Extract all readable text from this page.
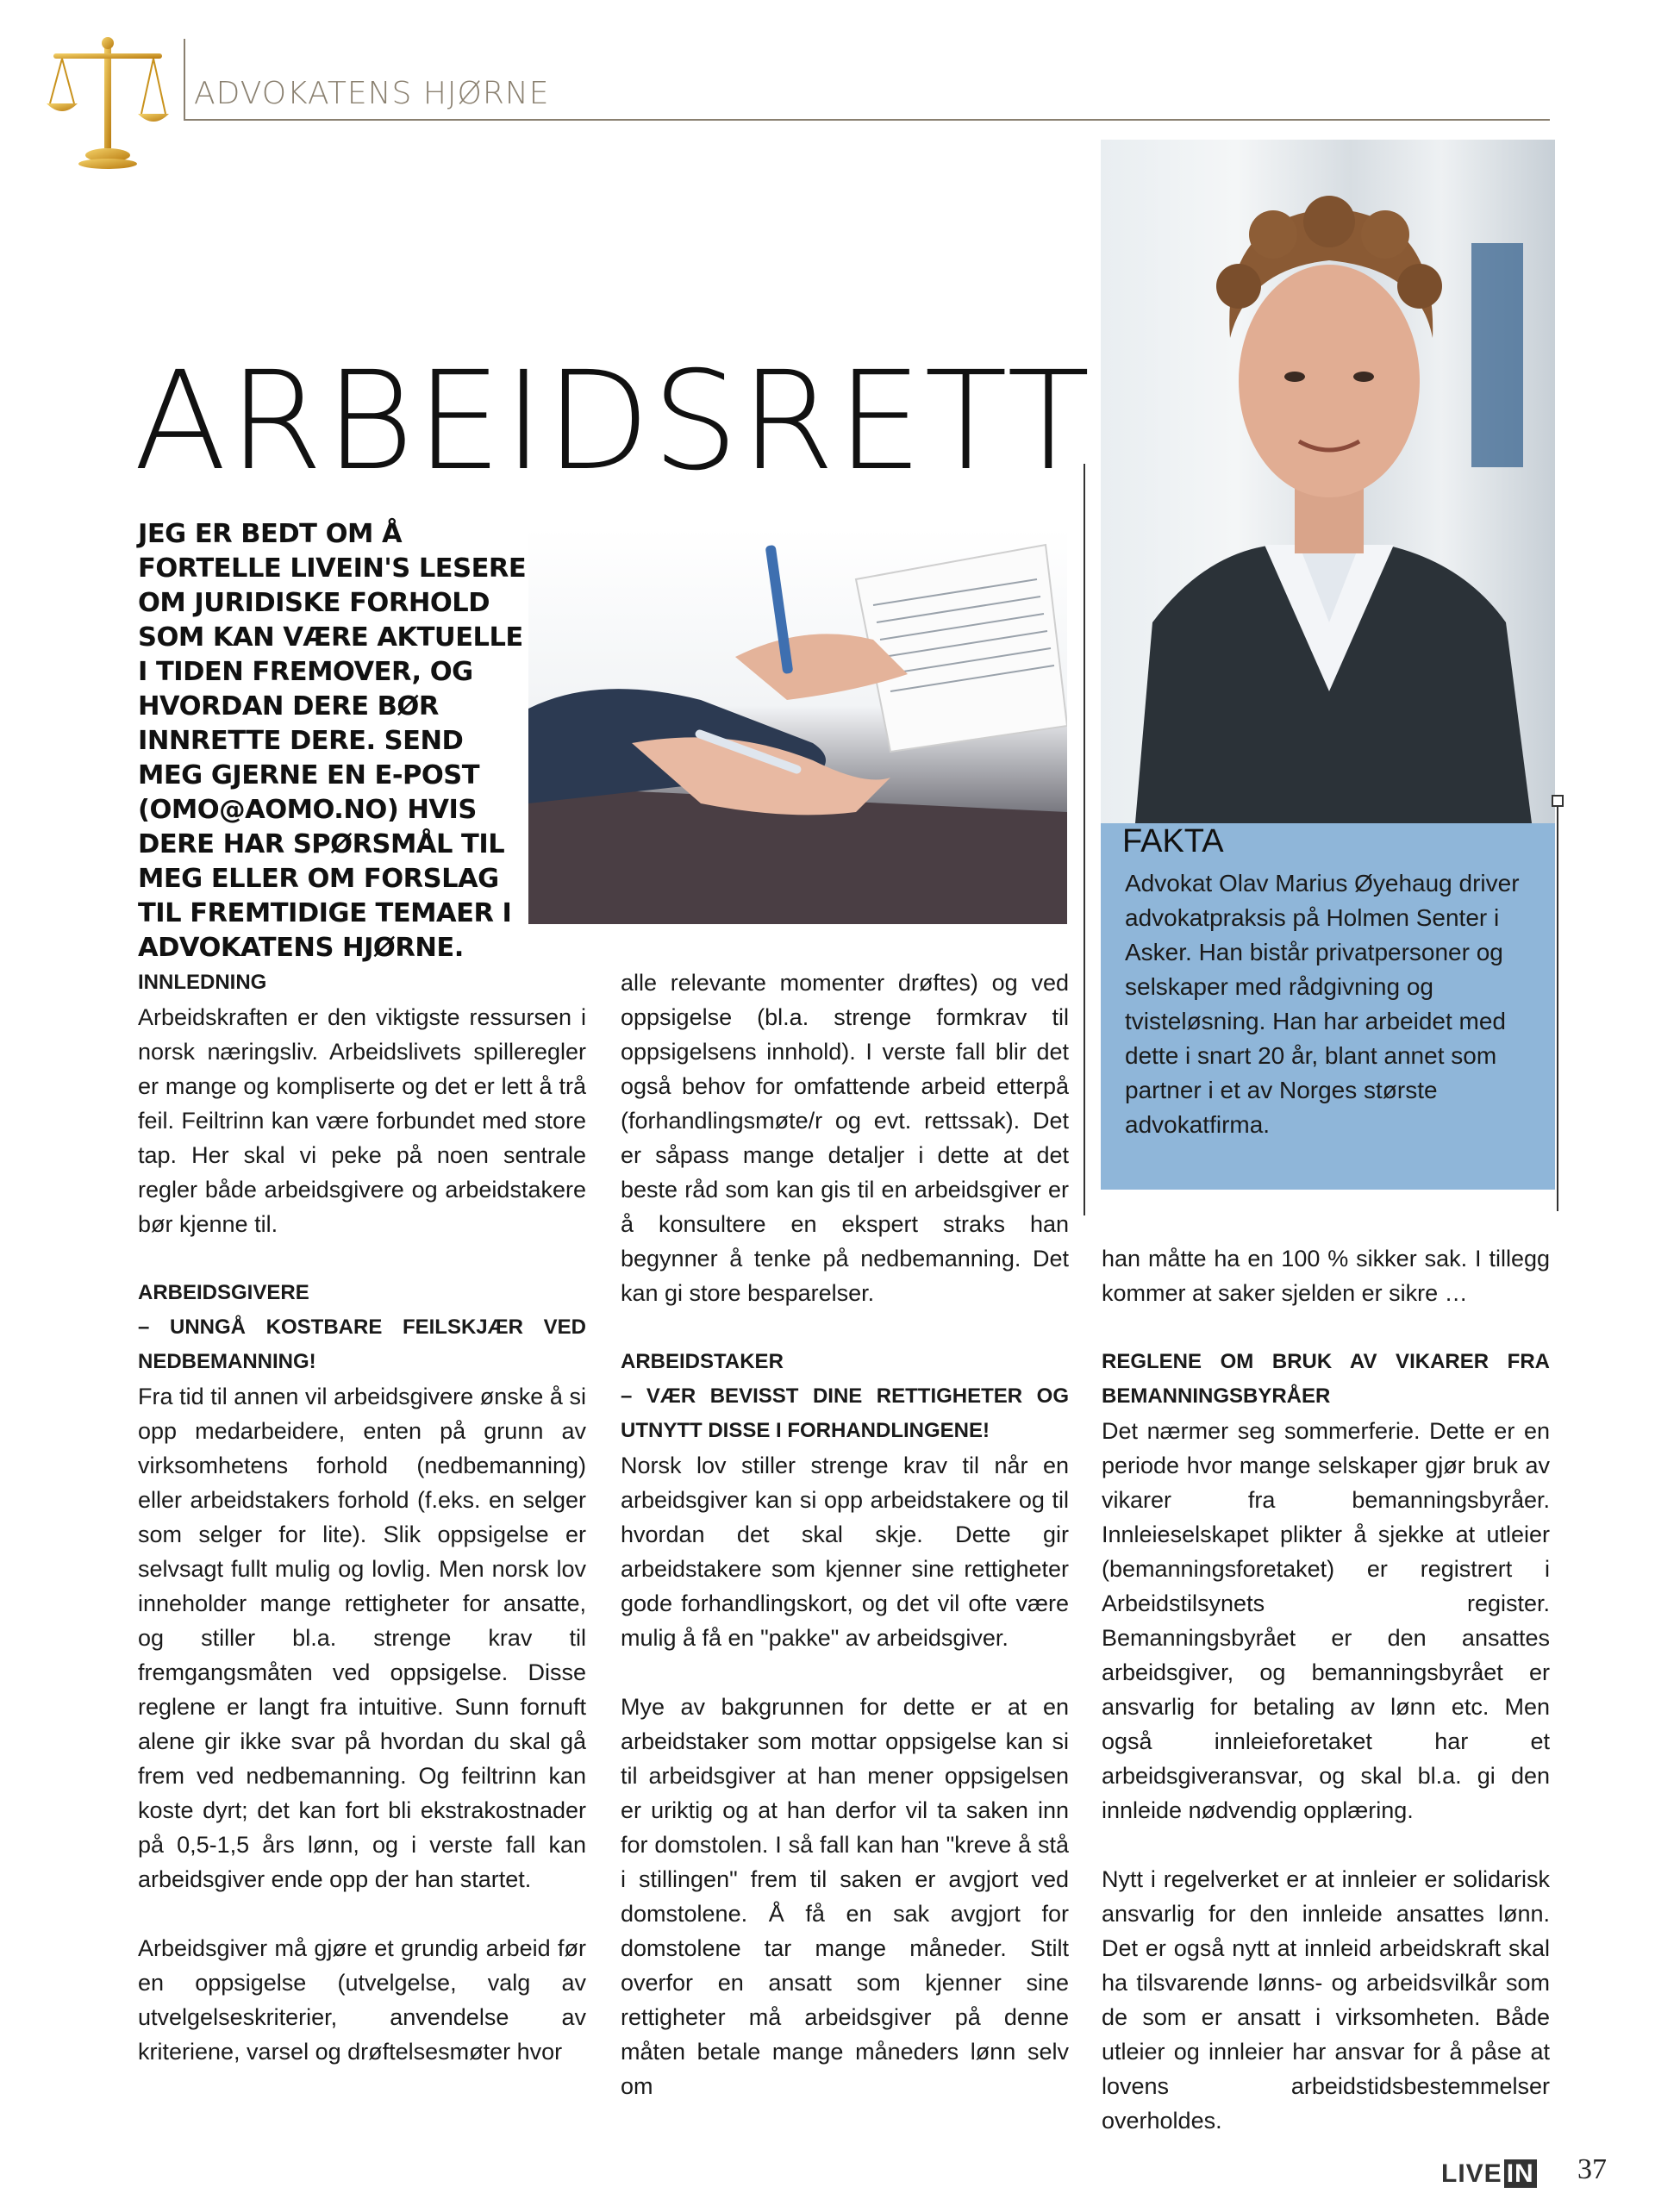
ADVOKATENS HJØRNE
FAKTA
Advokat Olav Marius Øyehaug driver advokatpraksis på Holmen Senter i Asker. Han bistår privatpersoner og selskaper med rådgivning og tvisteløsning. Han har arbeidet med dette i snart 20 år, blant annet som partner i et av Norges største advokatfirma.
ARBEIDSRETT
JEG ER BEDT OM Å FORTELLE LIVEIN'S LESERE OM JURIDISKE FORHOLD SOM KAN VÆRE AKTUELLE I TIDEN FREMOVER, OG HVORDAN DERE BØR INNRETTE DERE. SEND MEG GJERNE EN E-POST (OMO@AOMO.NO) HVIS DERE HAR SPØRSMÅL TIL MEG ELLER OM FORSLAG TIL FREMTIDIGE TEMAER I ADVOKATENS HJØRNE.
INNLEDNING

Arbeidskraften er den viktigste ressursen i norsk næringsliv. Arbeidslivets spilleregler er mange og kompliserte og det er lett å trå feil. Feiltrinn kan være forbundet med store tap. Her skal vi peke på noen sentrale regler både arbeidsgivere og arbeidstakere bør kjenne til.

ARBEIDSGIVERE
– UNNGÅ KOSTBARE FEILSKJÆR VED NEDBEMANNING!

Fra tid til annen vil arbeidsgivere ønske å si opp medarbeidere, enten på grunn av virksomhetens forhold (nedbemanning) eller arbeidstakers forhold (f.eks. en selger som selger for lite). Slik oppsigelse er selvsagt fullt mulig og lovlig. Men norsk lov inneholder mange rettigheter for ansatte, og stiller bl.a. strenge krav til fremgangsmåten ved oppsigelse. Disse reglene er langt fra intuitive. Sunn fornuft alene gir ikke svar på hvordan du skal gå frem ved nedbemanning. Og feiltrinn kan koste dyrt; det kan fort bli ekstrakostnader på 0,5-1,5 års lønn, og i verste fall kan arbeidsgiver ende opp der han startet.

Arbeidsgiver må gjøre et grundig arbeid før en oppsigelse (utvelgelse, valg av utvelgelseskriterier, anvendelse av kriteriene, varsel og drøftelsesmøter hvor

alle relevante momenter drøftes) og ved oppsigelse (bl.a. strenge formkrav til oppsigelsens innhold). I verste fall blir det også behov for omfattende arbeid etterpå (forhandlingsmøte/r og evt. rettssak). Det er såpass mange detaljer i dette at det beste råd som kan gis til en arbeidsgiver er å konsultere en ekspert straks han begynner å tenke på nedbemanning. Det kan gi store besparelser.

ARBEIDSTAKER
– VÆR BEVISST DINE RETTIGHETER OG UTNYTT DISSE I FORHANDLINGENE!

Norsk lov stiller strenge krav til når en arbeidsgiver kan si opp arbeidstakere og til hvordan det skal skje. Dette gir arbeidstakere som kjenner sine rettigheter gode forhandlingskort, og det vil ofte være mulig å få en "pakke" av arbeidsgiver.

Mye av bakgrunnen for dette er at en arbeidstaker som mottar oppsigelse kan si til arbeidsgiver at han mener oppsigelsen er uriktig og at han derfor vil ta saken inn for domstolen. I så fall kan han "kreve å stå i stillingen" frem til saken er avgjort ved domstolene. Å få en sak avgjort for domstolene tar mange måneder. Stilt overfor en ansatt som kjenner sine rettigheter må arbeidsgiver på denne måten betale mange måneders lønn selv om

han måtte ha en 100 % sikker sak. I tillegg kommer at saker sjelden er sikre …

REGLENE OM BRUK AV VIKARER FRA BEMANNINGSBYRÅER

Det nærmer seg sommerferie. Dette er en periode hvor mange selskaper gjør bruk av vikarer fra bemanningsbyråer. Innleieselskapet plikter å sjekke at utleier (bemanningsforetaket) er registrert i Arbeidstilsynets register. Bemanningsbyrået er den ansattes arbeidsgiver, og bemanningsbyrået er ansvarlig for betaling av lønn etc. Men også innleieforetaket har et arbeidsgiveransvar, og skal bl.a. gi den innleide nødvendig opplæring.

Nytt i regelverket er at innleier er solidarisk ansvarlig for den innleide ansattes lønn. Det er også nytt at innleid arbeidskraft skal ha tilsvarende lønns- og arbeidsvilkår som de som er ansatt i virksomheten. Både utleier og innleier har ansvar for å påse at lovens arbeidstidsbestemmelser overholdes.

LIVE IN 37
